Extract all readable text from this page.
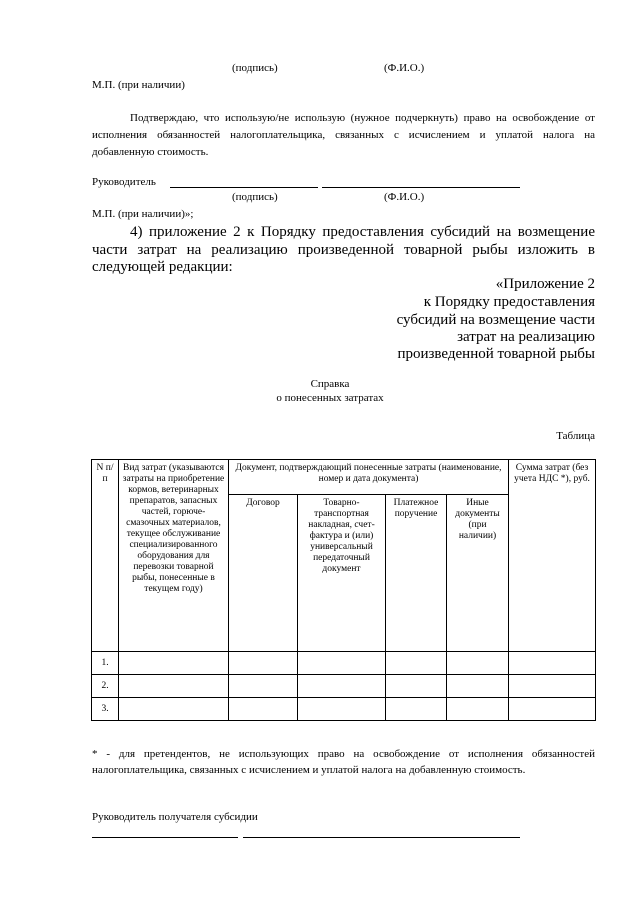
(подпись)	(Ф.И.О.)
М.П. (при наличии)
Подтверждаю, что использую/не использую (нужное подчеркнуть) право на освобождение от исполнения обязанностей налогоплательщика, связанных с исчислением и уплатой налога на добавленную стоимость.
Руководитель
(подпись)	(Ф.И.О.)
М.П. (при наличии)»;
4) приложение 2 к Порядку предоставления субсидий на возмещение части затрат на реализацию произведенной товарной рыбы изложить в следующей редакции:
«Приложение 2
к Порядку предоставления
субсидий на возмещение части
затрат на реализацию
произведенной товарной рыбы
Справка
о понесенных затратах
Таблица
N п/п	Вид затрат (указываются затраты на приобретение кормов, ветеринарных препаратов, запасных частей, горюче-смазочных материалов, текущее обслуживание специализированного оборудования для перевозки товарной рыбы, понесенные в текущем году)	Документ, подтверждающий понесенные затраты (наименование, номер и дата документа)				Сумма затрат (без учета НДС *), руб.
		Договор	Товарно-транспортная накладная, счет-фактура и (или) универсальный передаточный документ	Платежное поручение	Иные документы (при наличии)	
1.						
2.						
3.						
* - для претендентов, не использующих право на освобождение от исполнения обязанностей налогоплательщика, связанных с исчислением и уплатой налога на добавленную стоимость.
Руководитель получателя субсидии
